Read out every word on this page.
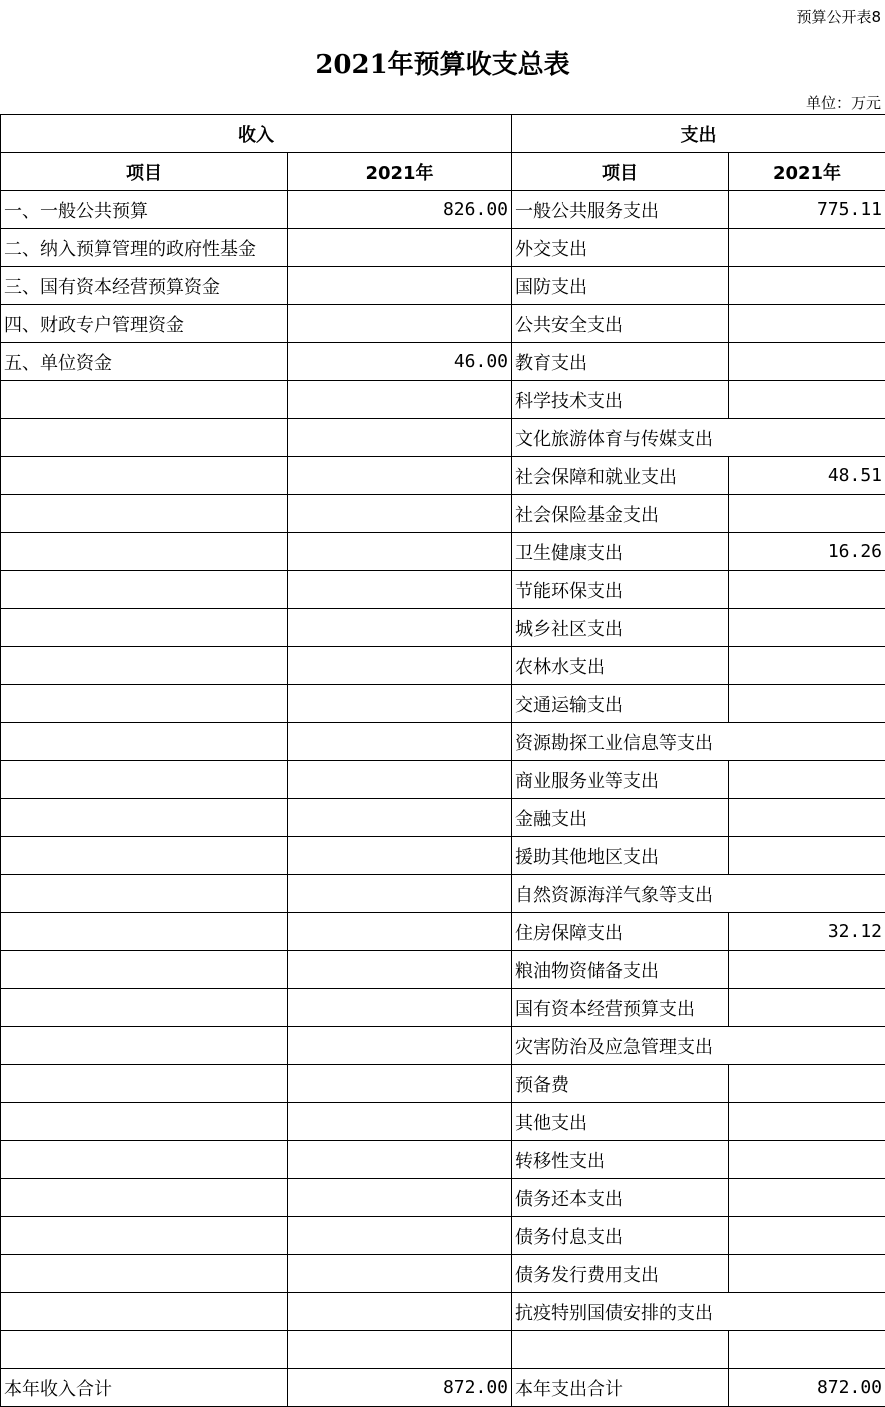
预算公开表8
2021年预算收支总表
单位：万元
收入		支出	
项目	2021年	项目	2021年
一、一般公共预算	826.00	一般公共服务支出	775.11
二、纳入预算管理的政府性基金		外交支出	
三、国有资本经营预算资金		国防支出	
四、财政专户管理资金		公共安全支出	
五、单位资金	46.00	教育支出	
		科学技术支出	
		文化旅游体育与传媒支出	
		社会保障和就业支出	48.51
		社会保险基金支出	
		卫生健康支出	16.26
		节能环保支出	
		城乡社区支出	
		农林水支出	
		交通运输支出	
		资源勘探工业信息等支出	
		商业服务业等支出	
		金融支出	
		援助其他地区支出	
		自然资源海洋气象等支出	
		住房保障支出	32.12
		粮油物资储备支出	
		国有资本经营预算支出	
		灾害防治及应急管理支出	
		预备费	
		其他支出	
		转移性支出	
		债务还本支出	
		债务付息支出	
		债务发行费用支出	
		抗疫特别国债安排的支出	

本年收入合计	872.00	本年支出合计	872.00
